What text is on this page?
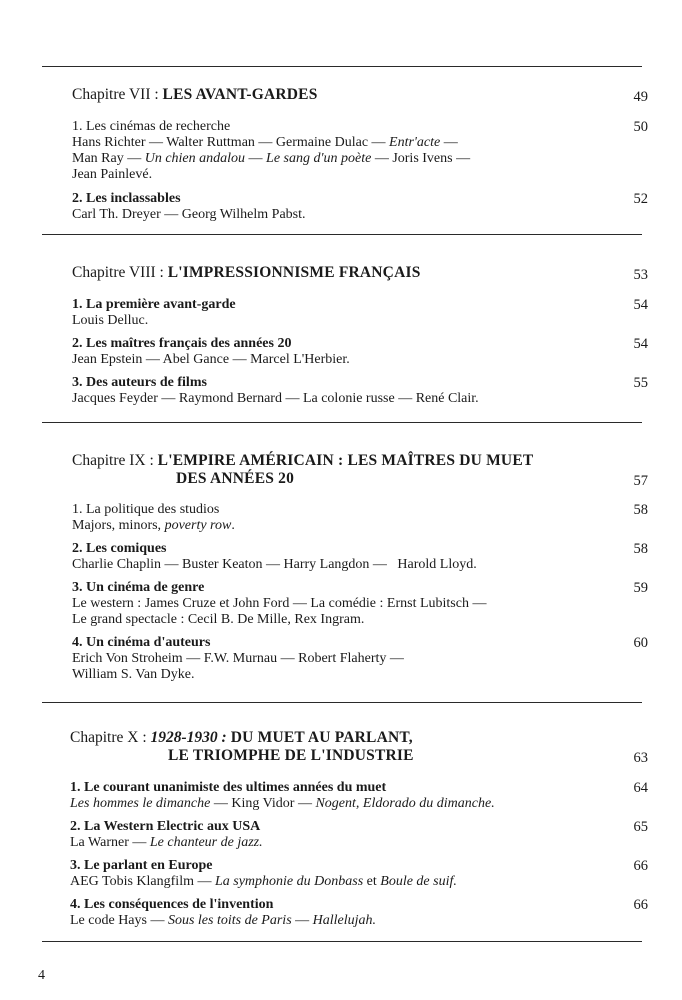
Chapitre VII : LES AVANT-GARDES	49
1. Les cinémas de recherche	50
Hans Richter — Walter Ruttman — Germaine Dulac — Entr'acte —
Man Ray — Un chien andalou — Le sang d'un poète — Joris Ivens —
Jean Painlevé.
2. Les inclassables	52
Carl Th. Dreyer — Georg Wilhelm Pabst.
Chapitre VIII : L'IMPRESSIONNISME FRANÇAIS	53
1. La première avant-garde	54
Louis Delluc.
2. Les maîtres français des années 20	54
Jean Epstein — Abel Gance — Marcel L'Herbier.
3. Des auteurs de films	55
Jacques Feyder — Raymond Bernard — La colonie russe — René Clair.
Chapitre IX : L'EMPIRE AMÉRICAIN : LES MAÎTRES DU MUET
DES ANNÉES 20	57
1. La politique des studios	58
Majors, minors, poverty row.
2. Les comiques	58
Charlie Chaplin — Buster Keaton — Harry Langdon —   Harold Lloyd.
3. Un cinéma de genre	59
Le western : James Cruze et John Ford — La comédie : Ernst Lubitsch —
Le grand spectacle : Cecil B. De Mille, Rex Ingram.
4. Un cinéma d'auteurs	60
Erich Von Stroheim — F.W. Murnau — Robert Flaherty —
William S. Van Dyke.
Chapitre X : 1928-1930 : DU MUET AU PARLANT,
LE TRIOMPHE DE L'INDUSTRIE	63
1. Le courant unanimiste des ultimes années du muet	64
Les hommes le dimanche — King Vidor — Nogent, Eldorado du dimanche.
2. La Western Electric aux USA	65
La Warner — Le chanteur de jazz.
3. Le parlant en Europe	66
AEG Tobis Klangfilm — La symphonie du Donbass et Boule de suif.
4. Les conséquences de l'invention	66
Le code Hays — Sous les toits de Paris — Hallelujah.
4
